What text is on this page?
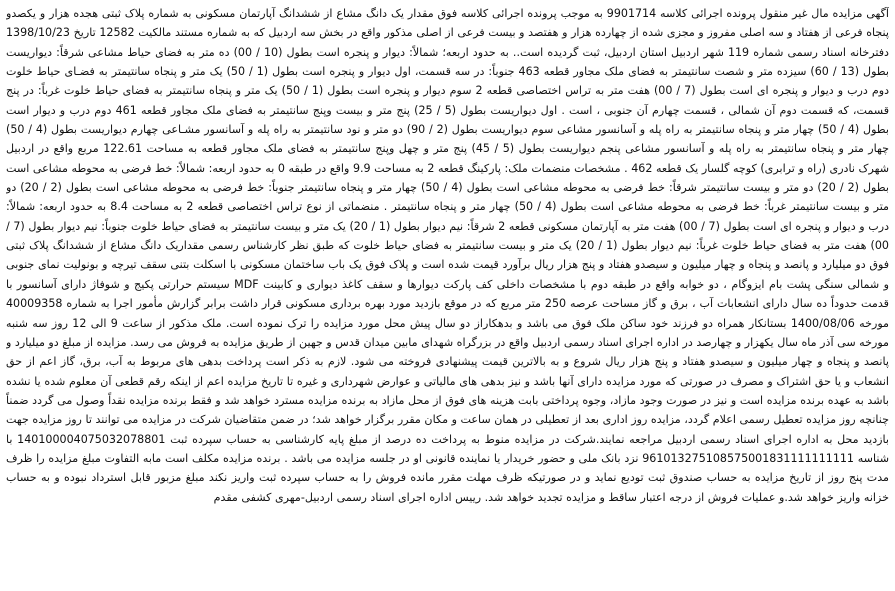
آگهی مزایده مال غیر منقول پرونده اجرائی کلاسه 9901714 به موجب پرونده اجرائی کلاسه فوق مقدار یک دانگ مشاع از ششدانگ آپارتمان مسکونی به شماره پلاک ثبتی هجده هزار و یکصدو پنجاه فرعی از هفتاد و سه اصلی مفروز و مجزی شده از چهارده هزار و هفتصد و بیست فرعی از اصلی مذکور واقع در بخش سه اردبیل که به شماره مستند مالکیت 12582 تاریخ 1398/10/23 دفترخانه اسناد رسمی شماره 119 شهر اردبیل استان اردبیل، ثبت گردیده است.. به حدود اربعه؛ شمالاً: دیوار و پنجره است بطول (10 / 00) ده متر به فضای حیاط مشاعی شرقاً: دیواریست بطول (13 / 60) سیزده متر و شصت سانتیمتر به فضای ملک مجاور قطعه 463 جنوباً: در سه قسمت، اول دیوار و پنجره است بطول (1 / 50) یک متر و پنجاه سانتیمتر به فضـای حیاط خلوت دوم درب و دیوار و پنجره ای است بطول (7 / 00) هفت متر به تراس اختصاصی قطعه 2 سوم دیوار و پنجره است بطول (1 / 50) یک متر و پنجاه سانتیمتر به فضای حیاط خلوت غرباً: در پنج قسمت، که قسمت دوم آن شمالی ، قسمت چهارم آن جنوبی ، است . اول دیواریست بطول (5 / 25) پنج متر و بیست وپنج سانتیمتر به فضای ملک مجاور قطعه 461 دوم درب و دیوار است بطول (4 / 50) چهار متر و پنجاه سانتیمتر به راه پله و آسانسور مشاعی سوم دیواریست بطول (2 / 90) دو متر و نود سانتیمتر به راه پله و آسانسور مشـاعی چهارم دیواریست بطول (4 / 50) چهار متر و پنجاه سانتیمتر به راه پله و آسانسور مشاعی پنجم دیواریست بطول (5 / 45) پنج متر و چهل وپنج سانتیمتر به فضای ملک مجاور قطعه به مساحت 122.61 مربع واقع در اردبیل شهرک نادری (راه و ترابری) کوچه گلسار یک قطعه 462 . مشخصات منضمات ملک: پارکینگ قطعه 2 به مساحت 9.9 واقع در طبقه 0 به حدود اربعه: شمالاً: خط فرضی به محوطه مشاعی است بطول (2 / 20) دو متر و بیست سانتیمتر شرقاً: خط فرضی به محوطه مشاعی است بطول (4 / 50) چهار متر و پنجاه سانتیمتر جنوباً: خط فرضی به محوطه مشاعی است بطول (2 / 20) دو متر و بیست سانتیمتر غرباً: خط فرضی به محوطه مشاعی است بطول (4 / 50) چهار متر و پنجاه سانتیمتر . منضماتی از نوع تراس اختصاصی قطعه 2 به مساحت 8.4 به حدود اربعه: شمالاً: درب و دیوار و پنجره ای است بطول (7 / 00) هفت متر به آپارتمان مسکونی قطعه 2 شرقاً: نیم دیوار بطول (1 / 20) یک متر و بیست سانتیمتر به فضای حیاط خلوت جنوباً: نیم دیوار بطول (7 / 00) هفت متر به فضای حیاط خلوت غرباً: نیم دیوار بطول (1 / 20) یک متر و بیست سانتیمتر به فضای حیاط خلوت که طبق نظر کارشناس رسمی مقداریک دانگ مشاع از ششدانگ پلاک ثبتی فوق دو میلیارد و پانصد و پنجاه و چهار میلیون و سیصدو هفتاد و پنج هزار ریال برآورد قیمت شده است و پلاک فوق یک باب ساختمان مسکونی با اسکلت بتنی سقف تیرچه و بونولیت نمای جنوبی و شمالی سنگی پشت بام ایزوگام ، دو خوابه واقع در طبقه دوم با مشخصات داخلی کف پارکت دیوارها و سقف کاغذ دیواری و کابینت MDF سیستم حرارتی پکیج و شوفاژ دارای آسانسور با قدمت حدوداً ده سال دارای انشعابات آب ، برق و گاز مساحت عرصه 250 متر مربع که در موقع بازدید مورد بهره برداری مسکونی قرار داشت برابر گزارش مأمور اجرا به شماره 40009358 مورخه 1400/08/06 بستانکار همراه دو فرزند خود ساکن ملک فوق می باشد و بدهکاراز دو سال پیش محل مورد مزایده را ترک نموده است. ملک مذکور از ساعت 9 الی 12 روز سه شنبه مورخه سی آذر ماه سال یکهزار و چهارصد در اداره اجرای اسناد رسمی اردبیل واقع در بزرگراه شهدای مابین میدان قدس و جهین از طریق مزایده به فروش می رسد. مزایده از مبلغ دو میلیارد و پانصد و پنجاه و چهار میلیون و سیصدو هفتاد و پنج هزار ریال شروع و به بالاترین قیمت پیشنهادی فروخته می شود. لازم به ذکر است پرداخت بدهی های مربوط به آب، برق، گاز اعم از حق انشعاب و یا حق اشتراک و مصرف در صورتی که مورد مزایده دارای آنها باشد و نیز بدهی های مالیاتی و عوارض شهرداری و غیره تا تاریخ مزایده اعم از اینکه رقم قطعی آن معلوم شده یا نشده باشد به عهده برنده مزایده است و نیز در صورت وجود مازاد، وجوه پرداختی بابت هزینه های فوق از محل مازاد به برنده مزایده مسترد خواهد شد و فقط برنده مزایده نقداً وصول می گردد ضمناً چنانچه روز مزایده تعطیل رسمی اعلام گردد، مزایده روز اداری بعد از تعطیلی در همان ساعت و مکان مقرر برگزار خواهد شد؛ در ضمن متقاضیان شرکت در مزایده می توانند تا روز مزایده جهت بازدید محل به اداره اجرای اسناد رسمی اردبیل مراجعه نمایند.شرکت در مزایده منوط به پرداخت ده درصد از مبلغ پایه کارشناسی به حساب سپرده ثبت 140100004075032078801 با شناسه 961013275108575001831111111111 نزد بانک ملی و حضور خریدار یا نماینده قانونی او در جلسه مزایده می باشد . برنده مزایده مکلف است مابه التفاوت مبلغ مزایده را ظرف مدت پنج روز از تاریخ مزایده به حساب صندوق ثبت تودیع نماید و در صورتیکه ظرف مهلت مقرر مانده فروش را به حساب سپرده ثبت واریز نکند مبلغ مزبور قابل استرداد نبوده و به حساب خزانه واریز خواهد شد.و عملیات فروش از درجه اعتبار ساقط و مزایده تجدید خواهد شد. رییس اداره اجرای اسناد رسمی اردبیل-مهری کشفی مقدم
